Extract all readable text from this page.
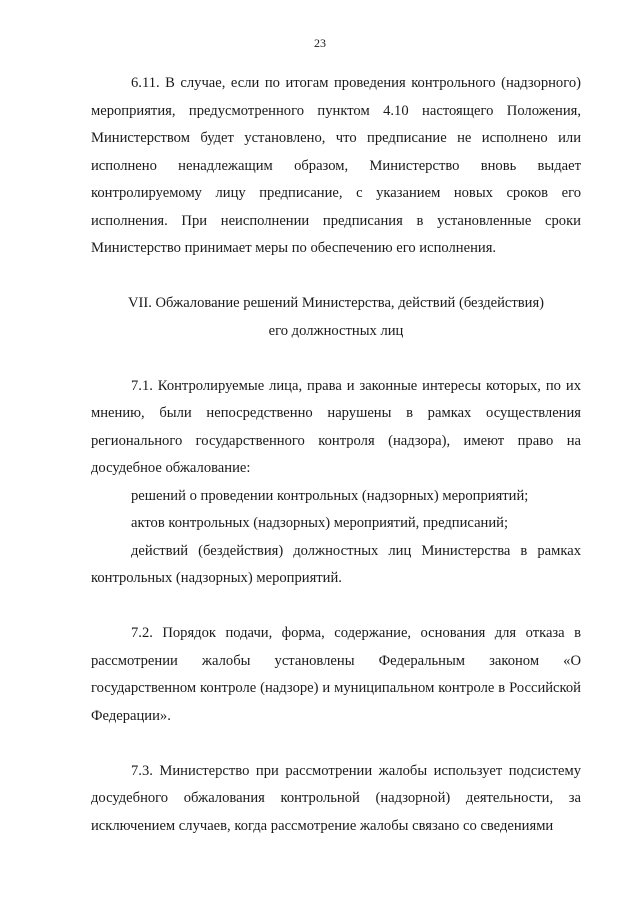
23

6.11. В случае, если по итогам проведения контрольного (надзорного) мероприятия, предусмотренного пунктом 4.10 настоящего Положения, Министерством будет установлено, что предписание не исполнено или исполнено ненадлежащим образом, Министерство вновь выдает контролируемому лицу предписание, с указанием новых сроков его исполнения. При неисполнении предписания в установленные сроки Министерство принимает меры по обеспечению его исполнения.

VII. Обжалование решений Министерства, действий (бездействия)

его должностных лиц

7.1. Контролируемые лица, права и законные интересы которых, по их мнению, были непосредственно нарушены в рамках осуществления регионального государственного контроля (надзора), имеют право на досудебное обжалование:

решений о проведении контрольных (надзорных) мероприятий;

актов контрольных (надзорных) мероприятий, предписаний;

действий (бездействия) должностных лиц Министерства в рамках контрольных (надзорных) мероприятий.

7.2. Порядок подачи, форма, содержание, основания для отказа в рассмотрении жалобы установлены Федеральным законом «О государственном контроле (надзоре) и муниципальном контроле в Российской Федерации».

7.3. Министерство при рассмотрении жалобы использует подсистему досудебного обжалования контрольной (надзорной) деятельности, за исключением случаев, когда рассмотрение жалобы связано со сведениями
